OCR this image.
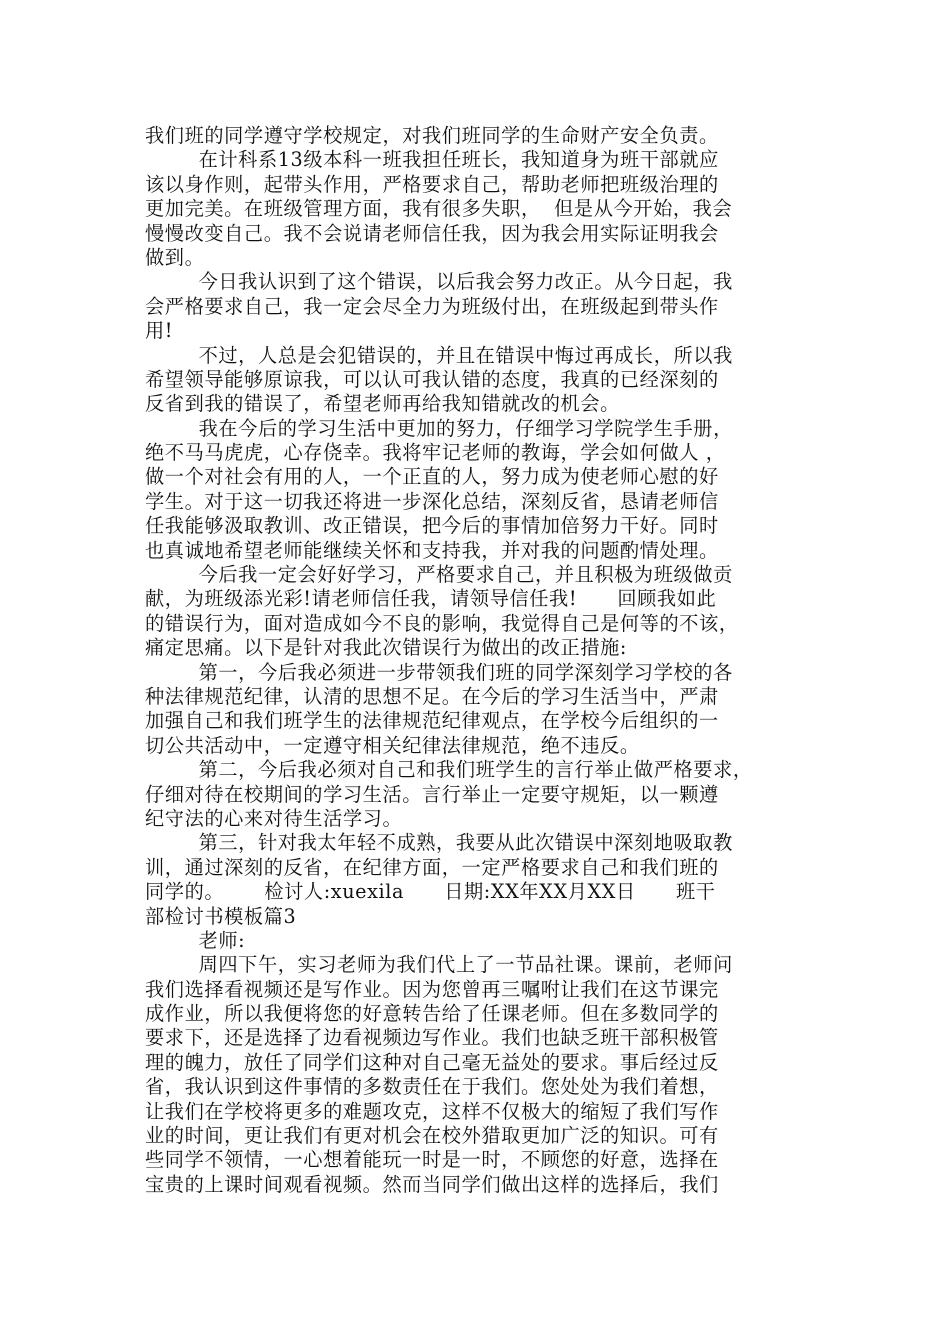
我们班的同学遵守学校规定，对我们班同学的生命财产安全负责。
在计科系13级本科一班我担任班长，我知道身为班干部就应
该以身作则，起带头作用，严格要求自己，帮助老师把班级治理的
更加完美。在班级管理方面，我有很多失职，  但是从今开始，我会
慢慢改变自己。我不会说请老师信任我，因为我会用实际证明我会
做到。
今日我认识到了这个错误，以后我会努力改正。从今日起，我
会严格要求自己，我一定会尽全力为班级付出，在班级起到带头作
用!
不过，人总是会犯错误的，并且在错误中悔过再成长，所以我
希望领导能够原谅我，可以认可我认错的态度，我真的已经深刻的
反省到我的错误了，希望老师再给我知错就改的机会。
我在今后的学习生活中更加的努力，仔细学习学院学生手册，
绝不马马虎虎，心存侥幸。我将牢记老师的教诲，学会如何做人 ，
做一个对社会有用的人，一个正直的人，努力成为使老师心慰的好
学生。对于这一切我还将进一步深化总结，深刻反省，恳请老师信
任我能够汲取教训、改正错误，把今后的事情加倍努力干好。同时
也真诚地希望老师能继续关怀和支持我，并对我的问题酌情处理。
今后我一定会好好学习，严格要求自己，并且积极为班级做贡
献，为班级添光彩!请老师信任我，请领导信任我!      回顾我如此
的错误行为，面对造成如今不良的影响，我觉得自己是何等的不该，
痛定思痛。以下是针对我此次错误行为做出的改正措施:
第一，今后我必须进一步带领我们班的同学深刻学习学校的各
种法律规范纪律，认清的思想不足。在今后的学习生活当中，严肃
加强自己和我们班学生的法律规范纪律观点，在学校今后组织的一
切公共活动中，一定遵守相关纪律法律规范，绝不违反。
第二，今后我必须对自己和我们班学生的言行举止做严格要求，
仔细对待在校期间的学习生活。言行举止一定要守规矩，以一颗遵
纪守法的心来对待生活学习。
第三，针对我太年轻不成熟，我要从此次错误中深刻地吸取教
训，通过深刻的反省，在纪律方面，一定严格要求自己和我们班的
同学的。      检讨人:xuexila      日期:XX年XX月XX日      班干
部检讨书模板篇3
老师:
周四下午，实习老师为我们代上了一节品社课。课前，老师问
我们选择看视频还是写作业。因为您曾再三嘱咐让我们在这节课完
成作业，所以我便将您的好意转告给了任课老师。但在多数同学的
要求下，还是选择了边看视频边写作业。我们也缺乏班干部积极管
理的魄力，放任了同学们这种对自己毫无益处的要求。事后经过反
省，我认识到这件事情的多数责任在于我们。您处处为我们着想，
让我们在学校将更多的难题攻克，这样不仅极大的缩短了我们写作
业的时间，更让我们有更对机会在校外猎取更加广泛的知识。可有
些同学不领情，一心想着能玩一时是一时，不顾您的好意，选择在
宝贵的上课时间观看视频。然而当同学们做出这样的选择后，我们
